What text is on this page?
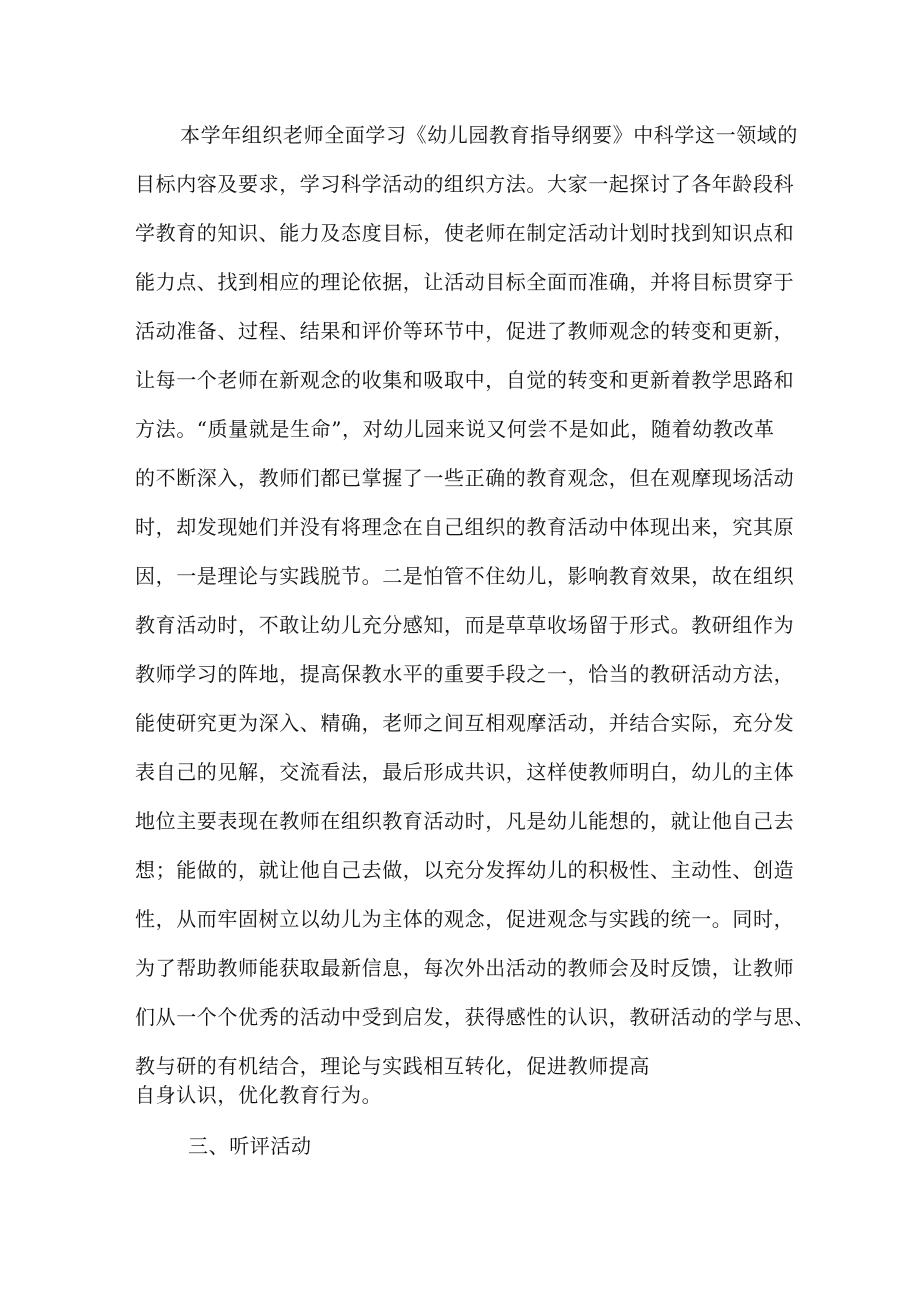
本学年组织老师全面学习《幼儿园教育指导纲要》中科学这一领域的
目标内容及要求，学习科学活动的组织方法。大家一起探讨了各年龄段科
学教育的知识、能力及态度目标，使老师在制定活动计划时找到知识点和
能力点、找到相应的理论依据，让活动目标全面而准确，并将目标贯穿于
活动准备、过程、结果和评价等环节中，促进了教师观念的转变和更新，
让每一个老师在新观念的收集和吸取中，自觉的转变和更新着教学思路和
方法。“质量就是生命”，对幼儿园来说又何尝不是如此，随着幼教改革
的不断深入，教师们都已掌握了一些正确的教育观念，但在观摩现场活动
时，却发现她们并没有将理念在自己组织的教育活动中体现出来，究其原
因，一是理论与实践脱节。二是怕管不住幼儿，影响教育效果，故在组织
教育活动时，不敢让幼儿充分感知，而是草草收场留于形式。教研组作为
教师学习的阵地，提高保教水平的重要手段之一，恰当的教研活动方法，
能使研究更为深入、精确，老师之间互相观摩活动，并结合实际，充分发
表自己的见解，交流看法，最后形成共识，这样使教师明白，幼儿的主体
地位主要表现在教师在组织教育活动时，凡是幼儿能想的，就让他自己去
想；能做的，就让他自己去做，以充分发挥幼儿的积极性、主动性、创造
性，从而牢固树立以幼儿为主体的观念，促进观念与实践的统一。同时，
为了帮助教师能获取最新信息，每次外出活动的教师会及时反馈，让教师
们从一个个优秀的活动中受到启发，获得感性的认识，教研活动的学与思、
教与研的有机结合，理论与实践相互转化，促进教师提高
自身认识，优化教育行为。
三、听评活动
